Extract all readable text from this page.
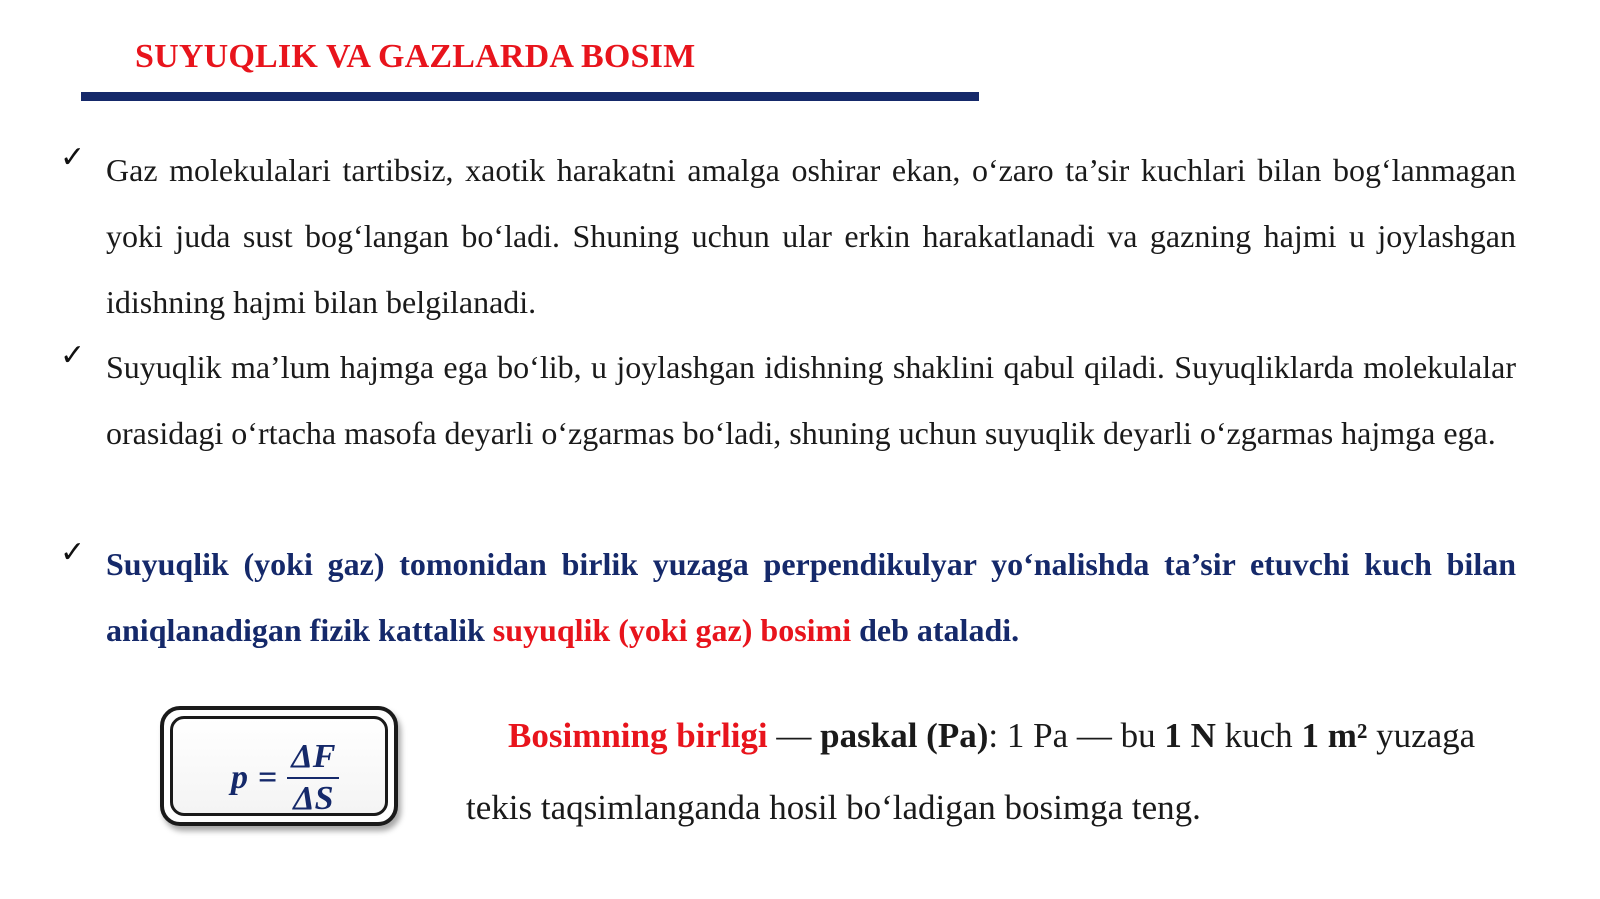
SUYUQLIK VA GAZLARDA BOSIM
✓ Gaz molekulalari tartibsiz, xaotik harakatni amalga oshirar ekan, o‘zaro ta’sir kuchlari bilan bog‘lanmagan yoki juda sust bog‘langan bo‘ladi. Shuning uchun ular erkin harakatlanadi va gazning hajmi u joylashgan idishning hajmi bilan belgilanadi.
✓ Suyuqlik ma’lum hajmga ega bo‘lib, u joylashgan idishning shaklini qabul qiladi. Suyuqliklarda molekulalar orasidagi o‘rtacha masofa deyarli o‘zgarmas bo‘ladi, shuning uchun suyuqlik deyarli o‘zgarmas hajmga ega.
✓ Suyuqlik (yoki gaz) tomonidan birlik yuzaga perpendikulyar yo‘nalishda ta’sir etuvchi kuch bilan aniqlanadigan fizik kattalik suyuqlik (yoki gaz) bosimi deb ataladi.
$p = \frac{\Delta F}{\Delta S}$
Bosimning birligi — paskal (Pa): 1 Pa — bu 1 N kuch 1 m² yuzaga tekis taqsimlanganda hosil bo‘ladigan bosimga teng.
